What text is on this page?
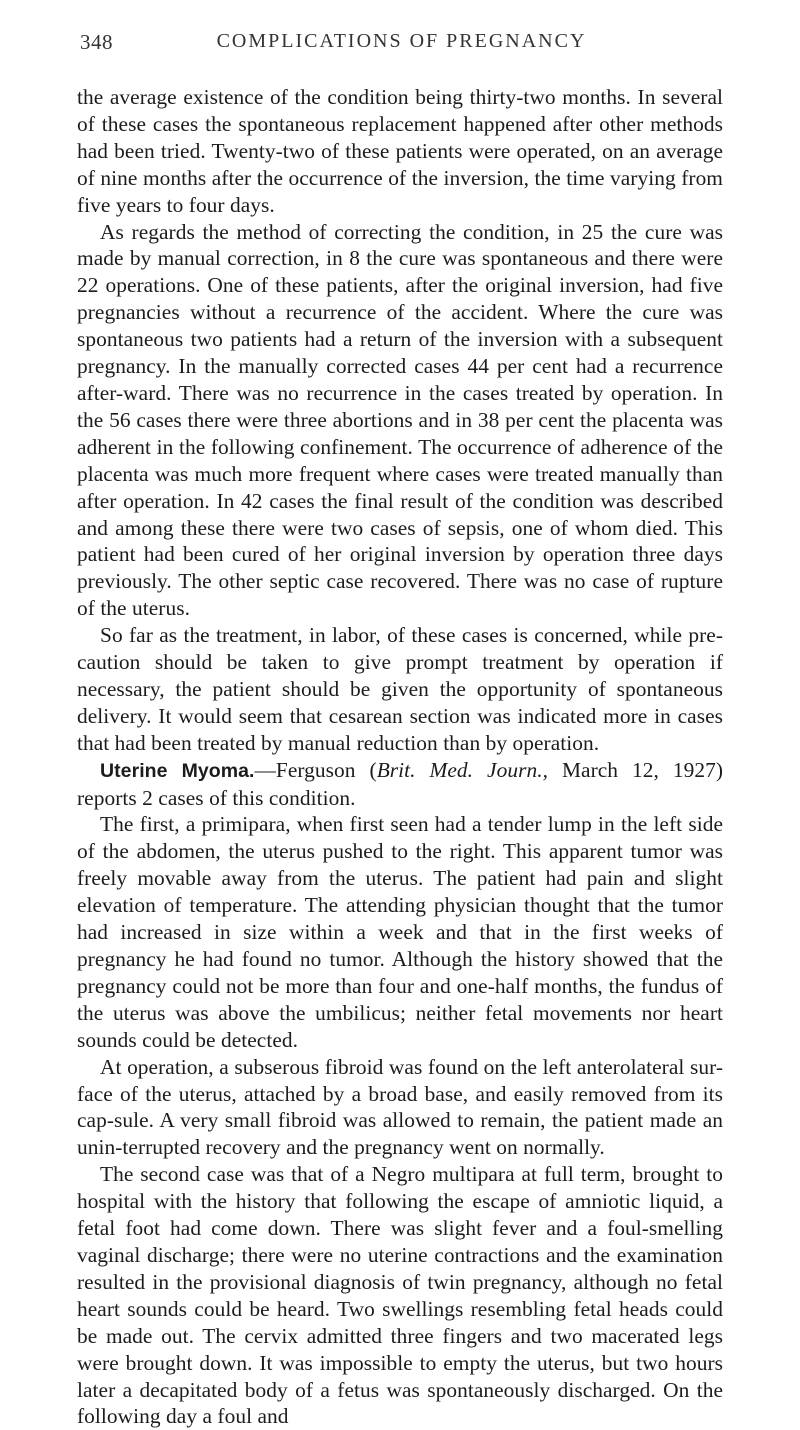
348	COMPLICATIONS OF PREGNANCY

the average existence of the condition being thirty-two months. In several of these cases the spontaneous replacement happened after other methods had been tried. Twenty-two of these patients were operated, on an average of nine months after the occurrence of the inversion, the time varying from five years to four days.

As regards the method of correcting the condition, in 25 the cure was made by manual correction, in 8 the cure was spontaneous and there were 22 operations. One of these patients, after the original inversion, had five pregnancies without a recurrence of the accident. Where the cure was spontaneous two patients had a return of the inversion with a subsequent pregnancy. In the manually corrected cases 44 per cent had a recurrence after-ward. There was no recurrence in the cases treated by operation. In the 56 cases there were three abortions and in 38 per cent the placenta was adherent in the following confinement. The occurrence of adherence of the placenta was much more frequent where cases were treated manually than after operation. In 42 cases the final result of the condition was described and among these there were two cases of sepsis, one of whom died. This patient had been cured of her original inversion by operation three days previously. The other septic case recovered. There was no case of rupture of the uterus.

So far as the treatment, in labor, of these cases is concerned, while pre-caution should be taken to give prompt treatment by operation if necessary, the patient should be given the opportunity of spontaneous delivery. It would seem that cesarean section was indicated more in cases that had been treated by manual reduction than by operation.

Uterine Myoma.—Ferguson (Brit. Med. Journ., March 12, 1927) reports 2 cases of this condition.

The first, a primipara, when first seen had a tender lump in the left side of the abdomen, the uterus pushed to the right. This apparent tumor was freely movable away from the uterus. The patient had pain and slight elevation of temperature. The attending physician thought that the tumor had increased in size within a week and that in the first weeks of pregnancy he had found no tumor. Although the history showed that the pregnancy could not be more than four and one-half months, the fundus of the uterus was above the umbilicus; neither fetal movements nor heart sounds could be detected.

At operation, a subserous fibroid was found on the left anterolateral sur-face of the uterus, attached by a broad base, and easily removed from its cap-sule. A very small fibroid was allowed to remain, the patient made an unin-terrupted recovery and the pregnancy went on normally.

The second case was that of a Negro multipara at full term, brought to hospital with the history that following the escape of amniotic liquid, a fetal foot had come down. There was slight fever and a foul-smelling vaginal discharge; there were no uterine contractions and the examination resulted in the provisional diagnosis of twin pregnancy, although no fetal heart sounds could be heard. Two swellings resembling fetal heads could be made out. The cervix admitted three fingers and two macerated legs were brought down. It was impossible to empty the uterus, but two hours later a decapitated body of a fetus was spontaneously discharged. On the following day a foul and
